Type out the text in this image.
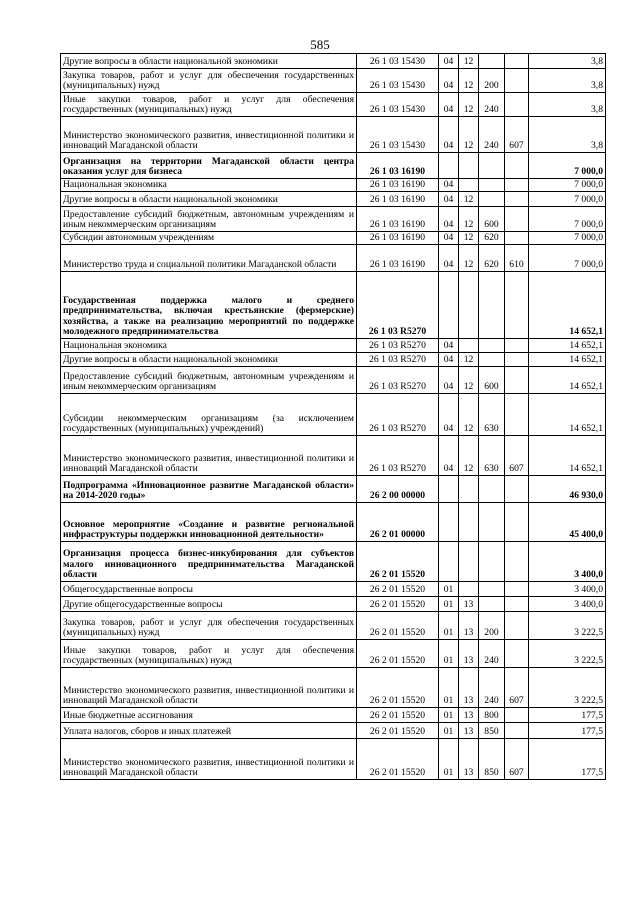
585
Другие вопросы в области национальной экономики	26 1 03 15430	04	12			3,8
Закупка товаров, работ и услуг для обеспечения государственных (муниципальных) нужд	26 1 03 15430	04	12	200		3,8
Иные закупки товаров, работ и услуг для обеспечения государственных (муниципальных) нужд	26 1 03 15430	04	12	240		3,8
Министерство экономического развития, инвестиционной политики и инноваций Магаданской области	26 1 03 15430	04	12	240	607	3,8
Организация на территории Магаданской области центра оказания услуг для бизнеса	26 1 03 16190					7 000,0
Национальная экономика	26 1 03 16190	04				7 000,0
Другие вопросы в области национальной экономики	26 1 03 16190	04	12			7 000,0
Предоставление субсидий бюджетным, автономным учреждениям и иным некоммерческим организациям	26 1 03 16190	04	12	600		7 000,0
Субсидии автономным учреждениям	26 1 03 16190	04	12	620		7 000,0
Министерство труда и социальной политики Магаданской области	26 1 03 16190	04	12	620	610	7 000,0
Государственная поддержка малого и среднего предпринимательства, включая крестьянские (фермерские) хозяйства, а также на реализацию мероприятий по поддержке молодежного предпринимательства	26 1 03 R5270					14 652,1
Национальная экономика	26 1 03 R5270	04				14 652,1
Другие вопросы в области национальной экономики	26 1 03 R5270	04	12			14 652,1
Предоставление субсидий бюджетным, автономным учреждениям и иным некоммерческим организациям	26 1 03 R5270	04	12	600		14 652,1
Субсидии некоммерческим организациям (за исключением государственных (муниципальных) учреждений)	26 1 03 R5270	04	12	630		14 652,1
Министерство экономического развития, инвестиционной политики и инноваций Магаданской области	26 1 03 R5270	04	12	630	607	14 652,1
Подпрограмма «Инновационное развитие Магаданской области» на 2014-2020 годы»	26 2 00 00000					46 930,0
Основное мероприятие «Создание и развитие региональной инфраструктуры поддержки инновационной деятельности»	26 2 01 00000					45 400,0
Организация процесса бизнес-инкубирования для субъектов малого инновационного предпринимательства Магаданской области	26 2 01 15520					3 400,0
Общегосударственные вопросы	26 2 01 15520	01				3 400,0
Другие общегосударственные вопросы	26 2 01 15520	01	13			3 400,0
Закупка товаров, работ и услуг для обеспечения государственных (муниципальных) нужд	26 2 01 15520	01	13	200		3 222,5
Иные закупки товаров, работ и услуг для обеспечения государственных (муниципальных) нужд	26 2 01 15520	01	13	240		3 222,5
Министерство экономического развития, инвестиционной политики и инноваций Магаданской области	26 2 01 15520	01	13	240	607	3 222,5
Иные бюджетные ассигнования	26 2 01 15520	01	13	800		177,5
Уплата налогов, сборов и иных платежей	26 2 01 15520	01	13	850		177,5
Министерство экономического развития, инвестиционной политики и инноваций Магаданской области	26 2 01 15520	01	13	850	607	177,5
